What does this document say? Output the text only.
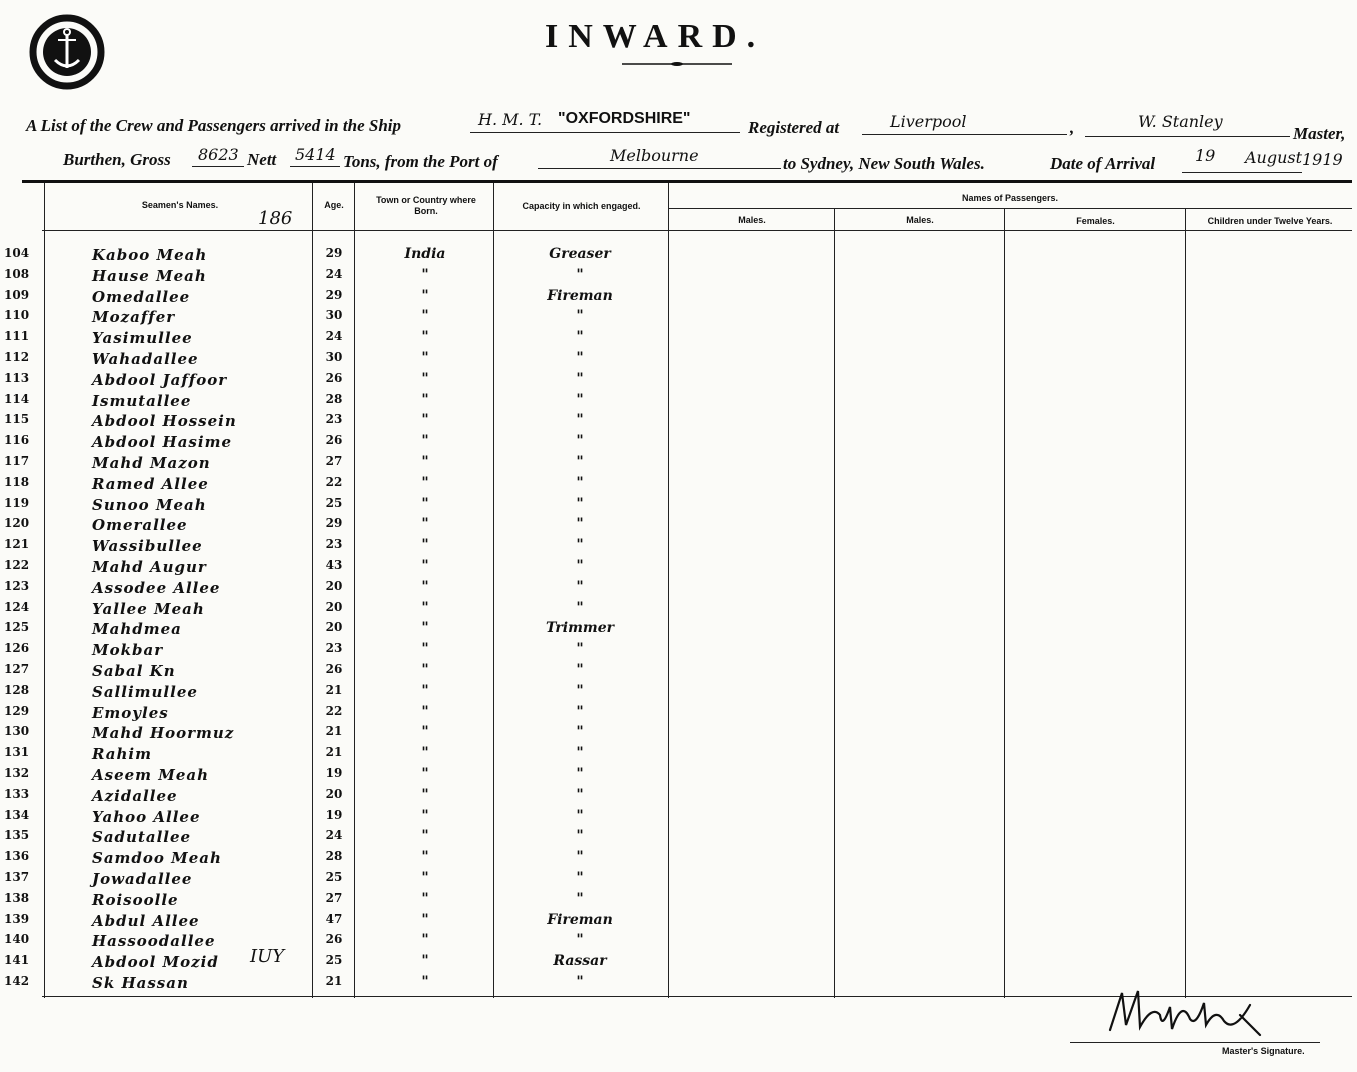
INWARD.
A List of the Crew and Passengers arrived in the Ship	H. M. T. "OXFORDSHIRE"	Registered at	Liverpool	,	W. Stanley
Master,
Burthen, Gross 8623 Nett 5414 Tons, from the Port of	Melbourne	to Sydney, New South Wales.	Date of Arrival 19 August 1919
Seamen's Names.	Age.	Town or Country where Born.	Capacity in which engaged.
Names of Passengers.
Males.	Males.	Females.	Children under Twelve Years.
186
IUY
104	Kaboo Meah	29	India	Greaser
108	Hause Meah	24	"	"
109	Omedallee	29	"	Fireman
110	Mozaffer	30	"	"
111	Yasimullee	24	"	"
112	Wahadallee	30	"	"
113	Abdool Jaffoor	26	"	"
114	Ismutallee	28	"	"
115	Abdool Hossein	23	"	"
116	Abdool Hasime	26	"	"
117	Mahd Mazon	27	"	"
118	Ramed Allee	22	"	"
119	Sunoo Meah	25	"	"
120	Omerallee	29	"	"
121	Wassibullee	23	"	"
122	Mahd Augur	43	"	"
123	Assodee Allee	20	"	"
124	Yallee Meah	20	"	"
125	Mahdmea	20	"	Trimmer
126	Mokbar	23	"	"
127	Sabal Kn	26	"	"
128	Sallimullee	21	"	"
129	Emoyles	22	"	"
130	Mahd Hoormuz	21	"	"
131	Rahim	21	"	"
132	Aseem Meah	19	"	"
133	Azidallee	20	"	"
134	Yahoo Allee	19	"	"
135	Sadutallee	24	"	"
136	Samdoo Meah	28	"	"
137	Jowadallee	25	"	"
138	Roisoolle	27	"	"
139	Abdul Allee	47	"	Fireman
140	Hassoodallee	26	"	"
141	Abdool Mozid	25	"	Rassar
142	Sk Hassan	21	"	"
Master's Signature.
